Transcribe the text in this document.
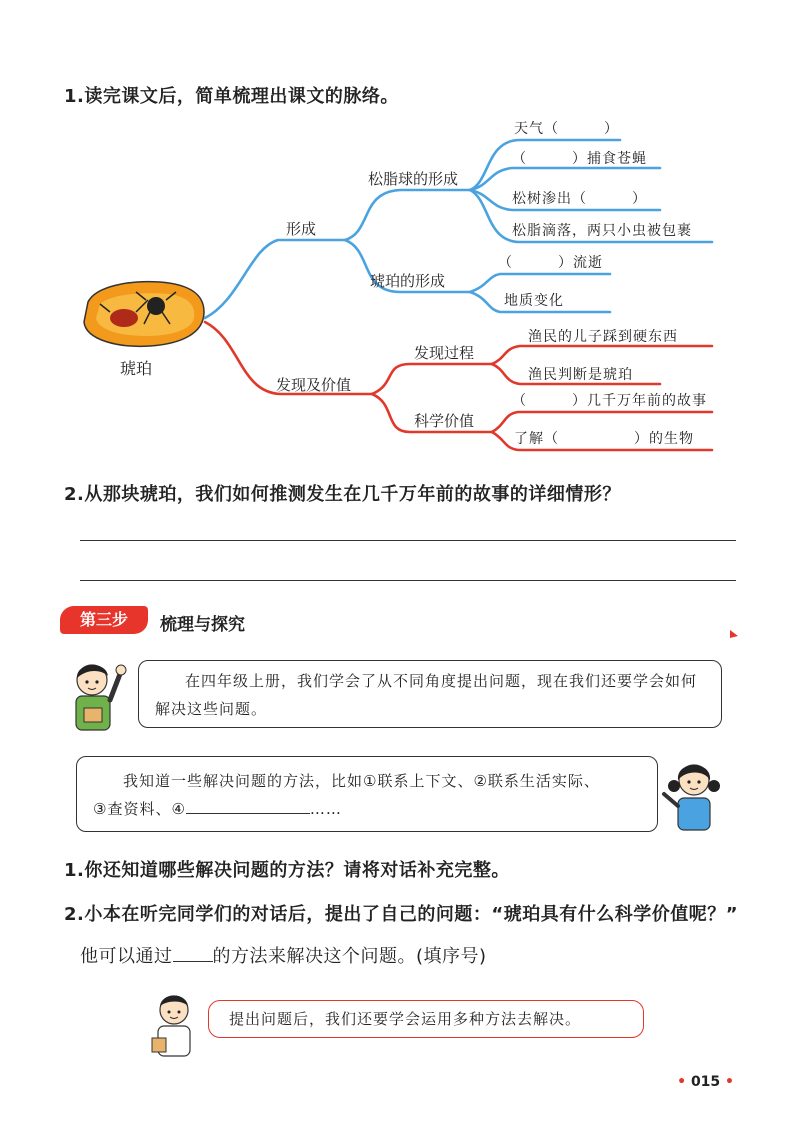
1.读完课文后，简单梳理出课文的脉络。
琥珀
形成
松脂球的形成
天气（　　　）
（　　　）捕食苍蝇
松树渗出（　　　）
松脂滴落，两只小虫被包裹
琥珀的形成
（　　　）流逝
地质变化
发现及价值
发现过程
渔民的儿子踩到硬东西
渔民判断是琥珀
科学价值
（　　　）几千万年前的故事
了解（　　　　　）的生物
2.从那块琥珀，我们如何推测发生在几千万年前的故事的详细情形？
第三步	梳理与探究
在四年级上册，我们学会了从不同角度提出问题，现在我们还要学会如何解决这些问题。
我知道一些解决问题的方法，比如①联系上下文、②联系生活实际、
③查资料、④	……
1.你还知道哪些解决问题的方法？请将对话补充完整。
2.小本在听完同学们的对话后，提出了自己的问题：“琥珀具有什么科学价值呢？”
他可以通过 的方法来解决这个问题。(填序号)
提出问题后，我们还要学会运用多种方法去解决。
• 015 •
